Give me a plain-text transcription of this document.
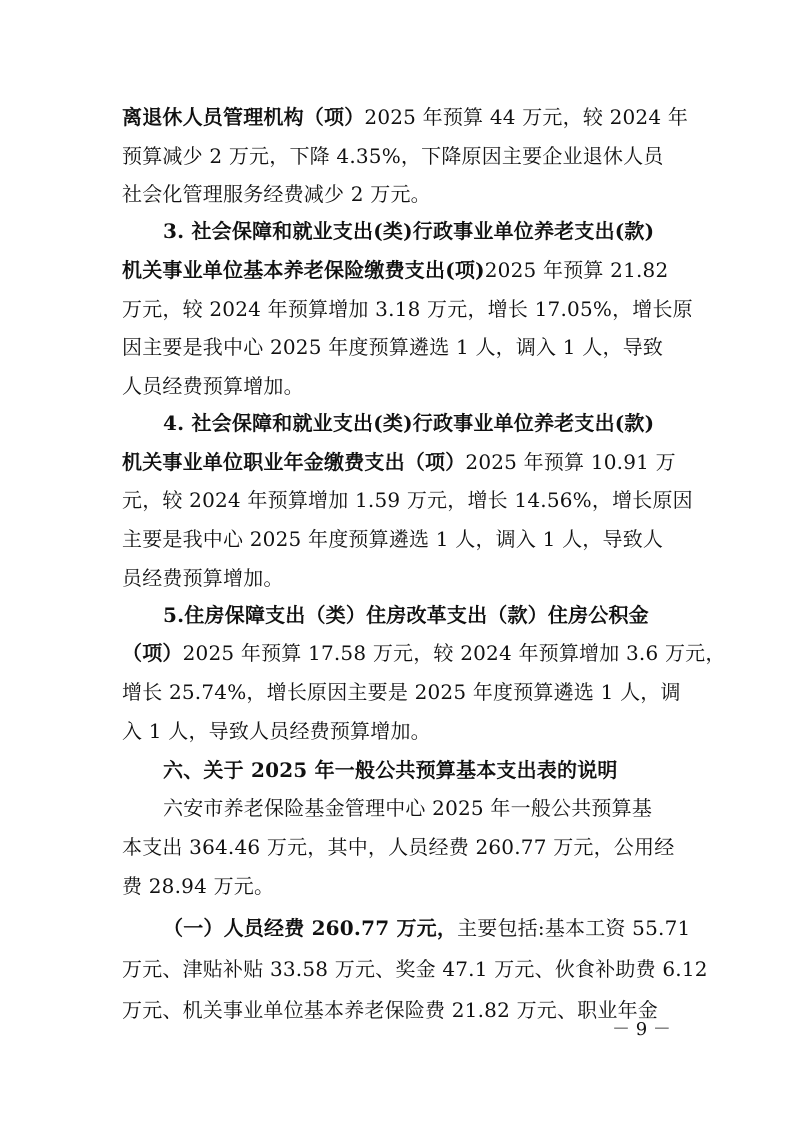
离退休人员管理机构（项）2025 年预算 44 万元，较 2024 年
预算减少 2 万元，下降 4.35%，下降原因主要企业退休人员
社会化管理服务经费减少 2 万元。
3. 社会保障和就业支出(类)行政事业单位养老支出(款)
机关事业单位基本养老保险缴费支出(项)2025 年预算 21.82
万元，较 2024 年预算增加 3.18 万元，增长 17.05%，增长原
因主要是我中心 2025 年度预算遴选 1 人，调入 1 人，导致
人员经费预算增加。
4. 社会保障和就业支出(类)行政事业单位养老支出(款)
机关事业单位职业年金缴费支出（项）2025 年预算 10.91 万
元，较 2024 年预算增加 1.59 万元，增长 14.56%，增长原因
主要是我中心 2025 年度预算遴选 1 人，调入 1 人，导致人
员经费预算增加。
5.住房保障支出（类）住房改革支出（款）住房公积金
（项）2025 年预算 17.58 万元，较 2024 年预算增加 3.6 万元，
增长 25.74%，增长原因主要是 2025 年度预算遴选 1 人，调
入 1 人，导致人员经费预算增加。
六、关于 2025 年一般公共预算基本支出表的说明
六安市养老保险基金管理中心 2025 年一般公共预算基
本支出 364.46 万元，其中，人员经费 260.77 万元，公用经
费 28.94 万元。
（一）人员经费 260.77 万元，主要包括:基本工资 55.71
－ 9 －
万元、津贴补贴 33.58 万元、奖金 47.1 万元、伙食补助费 6.12
万元、机关事业单位基本养老保险费 21.82 万元、职业年金
